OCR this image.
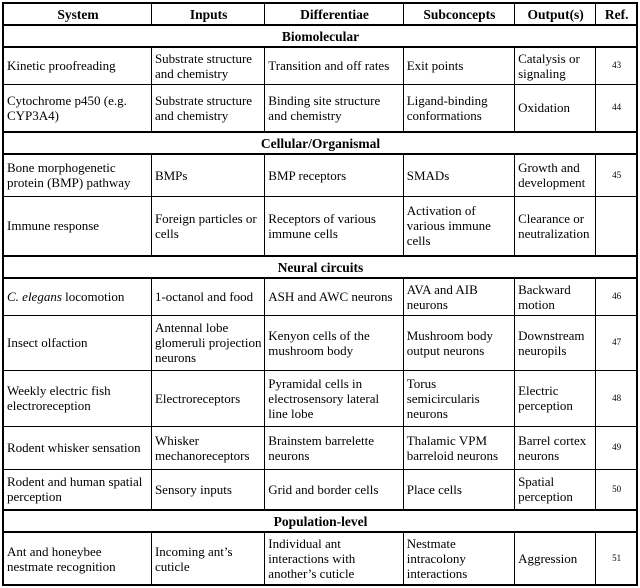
System	Inputs	Differentiae	Subconcepts	Output(s)	Ref.
Biomolecular					
Kinetic proofreading	Substrate structure and chemistry	Transition and off rates	Exit points	Catalysis or signaling	43
Cytochrome p450 (e.g. CYP3A4)	Substrate structure and chemistry	Binding site structure and chemistry	Ligand-binding conformations	Oxidation	44
Cellular/Organismal					
Bone morphogenetic protein (BMP) pathway	BMPs	BMP receptors	SMADs	Growth and development	45
Immune response	Foreign particles or cells	Receptors of various immune cells	Activation of various immune cells	Clearance or neutralization	
Neural circuits					
C. elegans locomotion	1-octanol and food	ASH and AWC neurons	AVA and AIB neurons	Backward motion	46
Insect olfaction	Antennal lobe glomeruli projection neurons	Kenyon cells of the mushroom body	Mushroom body output neurons	Downstream neuropils	47
Weekly electric fish electroreception	Electroreceptors	Pyramidal cells in electrosensory lateral line lobe	Torus semicircularis neurons	Electric perception	48
Rodent whisker sensation	Whisker mechanoreceptors	Brainstem barrelette neurons	Thalamic VPM barreloid neurons	Barrel cortex neurons	49
Rodent and human spatial perception	Sensory inputs	Grid and border cells	Place cells	Spatial perception	50
Population-level					
Ant and honeybee nestmate recognition	Incoming ant’s cuticle	Individual ant interactions with another’s cuticle	Nestmate intracolony interactions	Aggression	51
